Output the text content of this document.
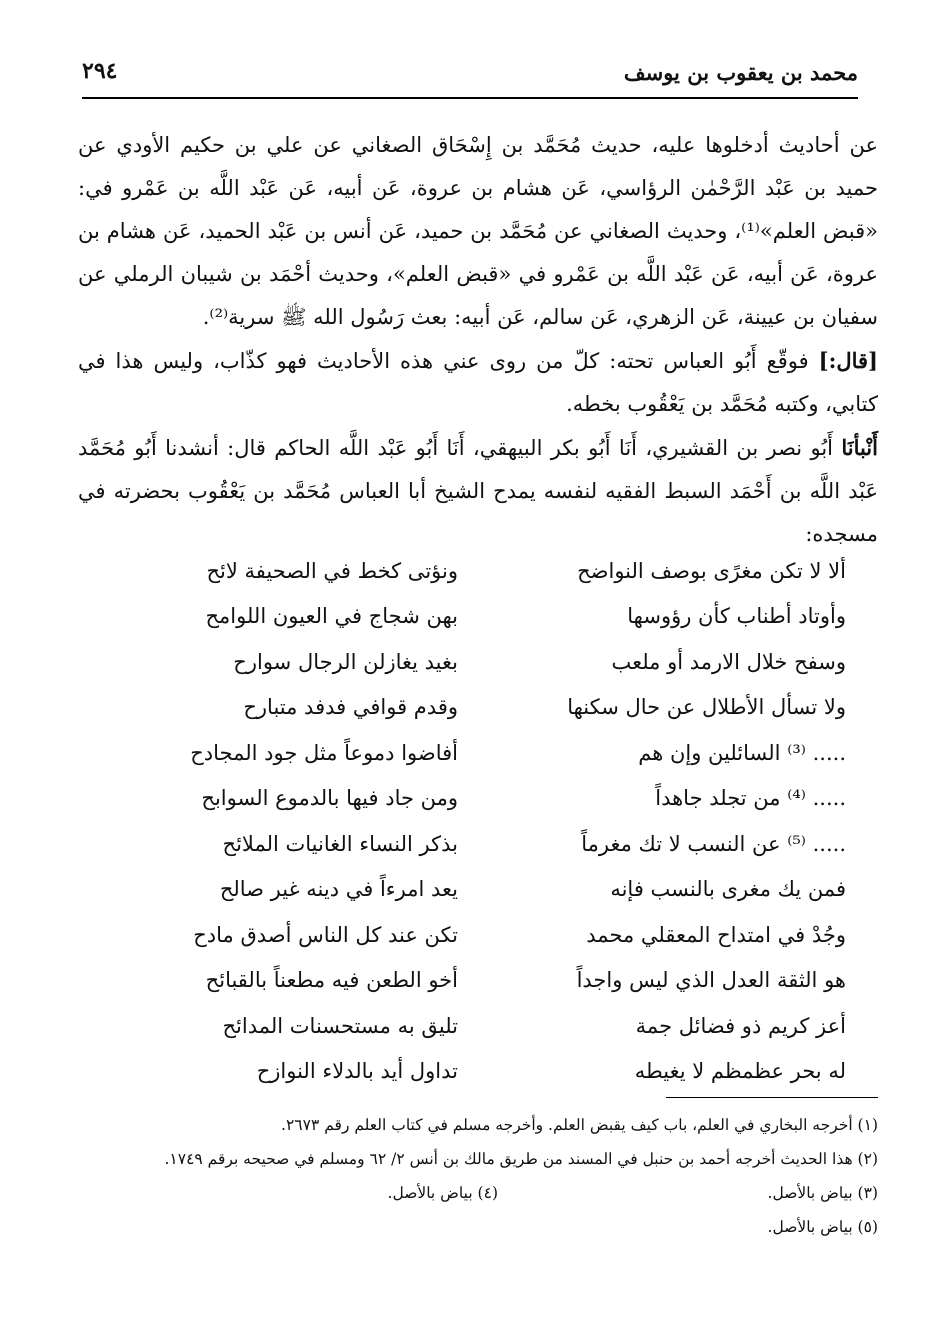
محمد بن يعقوب بن يوسف
٢٩٤

عن أحاديث أدخلوها عليه، حديث مُحَمَّد بن إِسْحَاق الصغاني عن علي بن حكيم الأودي عن حميد بن عَبْد الرَّحْمٰن الرؤاسي، عَن هشام بن عروة، عَن أبيه، عَن عَبْد اللَّه بن عَمْرو في: «قبض العلم»⁽¹⁾، وحديث الصغاني عن مُحَمَّد بن حميد، عَن أنس بن عَبْد الحميد، عَن هشام بن عروة، عَن أبيه، عَن عَبْد اللَّه بن عَمْرو في «قبض العلم»، وحديث أحْمَد بن شيبان الرملي عن سفيان بن عيينة، عَن الزهري، عَن سالم، عَن أبيه: بعث رَسُول الله ﷺ سرية⁽²⁾.

[قال:] فوقّع أَبُو العباس تحته: كلّ من روى عني هذه الأحاديث فهو كذّاب، وليس هذا في كتابي، وكتبه مُحَمَّد بن يَعْقُوب بخطه.

أَنْبأنَا أَبُو نصر بن القشيري، أَنَا أَبُو بكر البيهقي، أَنَا أَبُو عَبْد اللَّه الحاكم قال: أنشدنا أَبُو مُحَمَّد عَبْد اللَّه بن أَحْمَد السبط الفقيه لنفسه يمدح الشيخ أبا العباس مُحَمَّد بن يَعْقُوب بحضرته في مسجده:

ألا لا تكن مغرًى بوصف النواضح
ونؤتى كخط في الصحيفة لائح
وأوتاد أطناب كأن رؤوسها
بهن شجاج في العيون اللوامح
وسفح خلال الارمد أو ملعب
بغيد يغازلن الرجال سوارح
ولا تسأل الأطلال عن حال سكنها
وقدم قوافي فدفد متبارح
..... ⁽³⁾ السائلين وإن هم
أفاضوا دموعاً مثل جود المجادح
..... ⁽⁴⁾ من تجلد جاهداً
ومن جاد فيها بالدموع السوابح
..... ⁽⁵⁾ عن النسب لا تك مغرماً
بذكر النساء الغانيات الملائح
فمن يك مغرى بالنسب فإنه
يعد امرءاً في دينه غير صالح
وجُدْ في امتداح المعقلي محمد
تكن عند كل الناس أصدق مادح
هو الثقة العدل الذي ليس واجداً
أخو الطعن فيه مطعناً بالقبائح
أعز كريم ذو فضائل جمة
تليق به مستحسنات المدائح
له بحر عظمظم لا يغيطه
تداول أيد بالدلاء النوازح
(١) أخرجه البخاري في العلم، باب كيف يقبض العلم. وأخرجه مسلم في كتاب العلم رقم ٢٦٧٣.
(٢) هذا الحديث أخرجه أحمد بن حنبل في المسند من طريق مالك بن أنس ٢/ ٦٢ ومسلم في صحيحه برقم ١٧٤٩.
(٣) بياض بالأصل.
(٤) بياض بالأصل.
(٥) بياض بالأصل.
